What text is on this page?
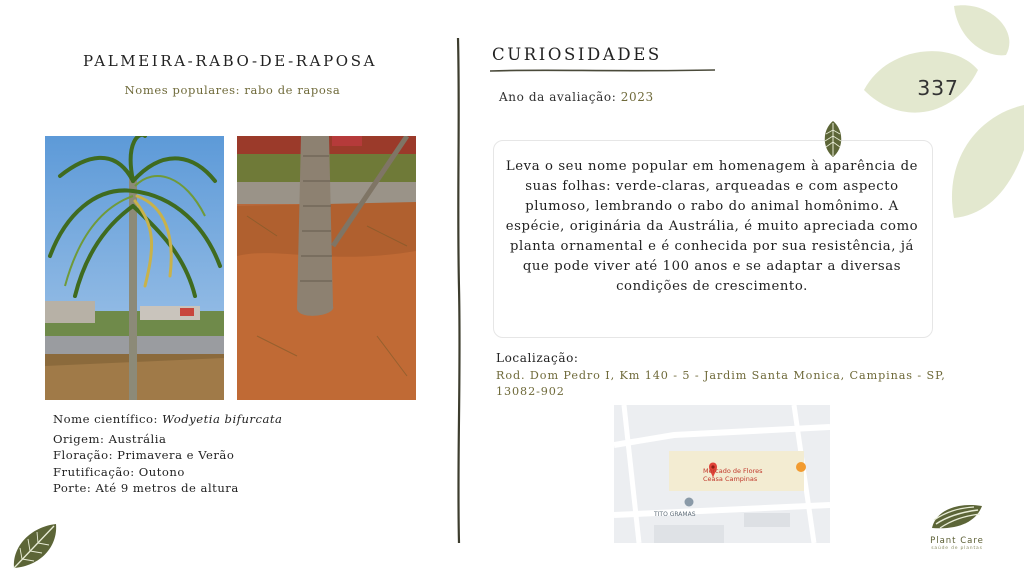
337
PALMEIRA-RABO-DE-RAPOSA
Nomes populares: rabo de raposa
Nome científico: Wodyetia bifurcata
Origem: Austrália
Floração: Primavera e Verão
Frutificação: Outono
Porte: Até 9 metros de altura
CURIOSIDADES
Ano da avaliação: 2023
Leva o seu nome popular em homenagem à aparência de suas folhas: verde-claras, arqueadas e com aspecto plumoso, lembrando o rabo do animal homônimo. A espécie, originária da Austrália, é muito apreciada como planta ornamental e é conhecida por sua resistência, já que pode viver até 100 anos e se adaptar a diversas condições de crescimento.
Localização:
Rod. Dom Pedro I, Km 140 - 5 - Jardim Santa Monica, Campinas - SP, 13082-902
Mercado de Flores
Ceasa Campinas
TITO GRAMAS
Plant Care
saúde de plantas
